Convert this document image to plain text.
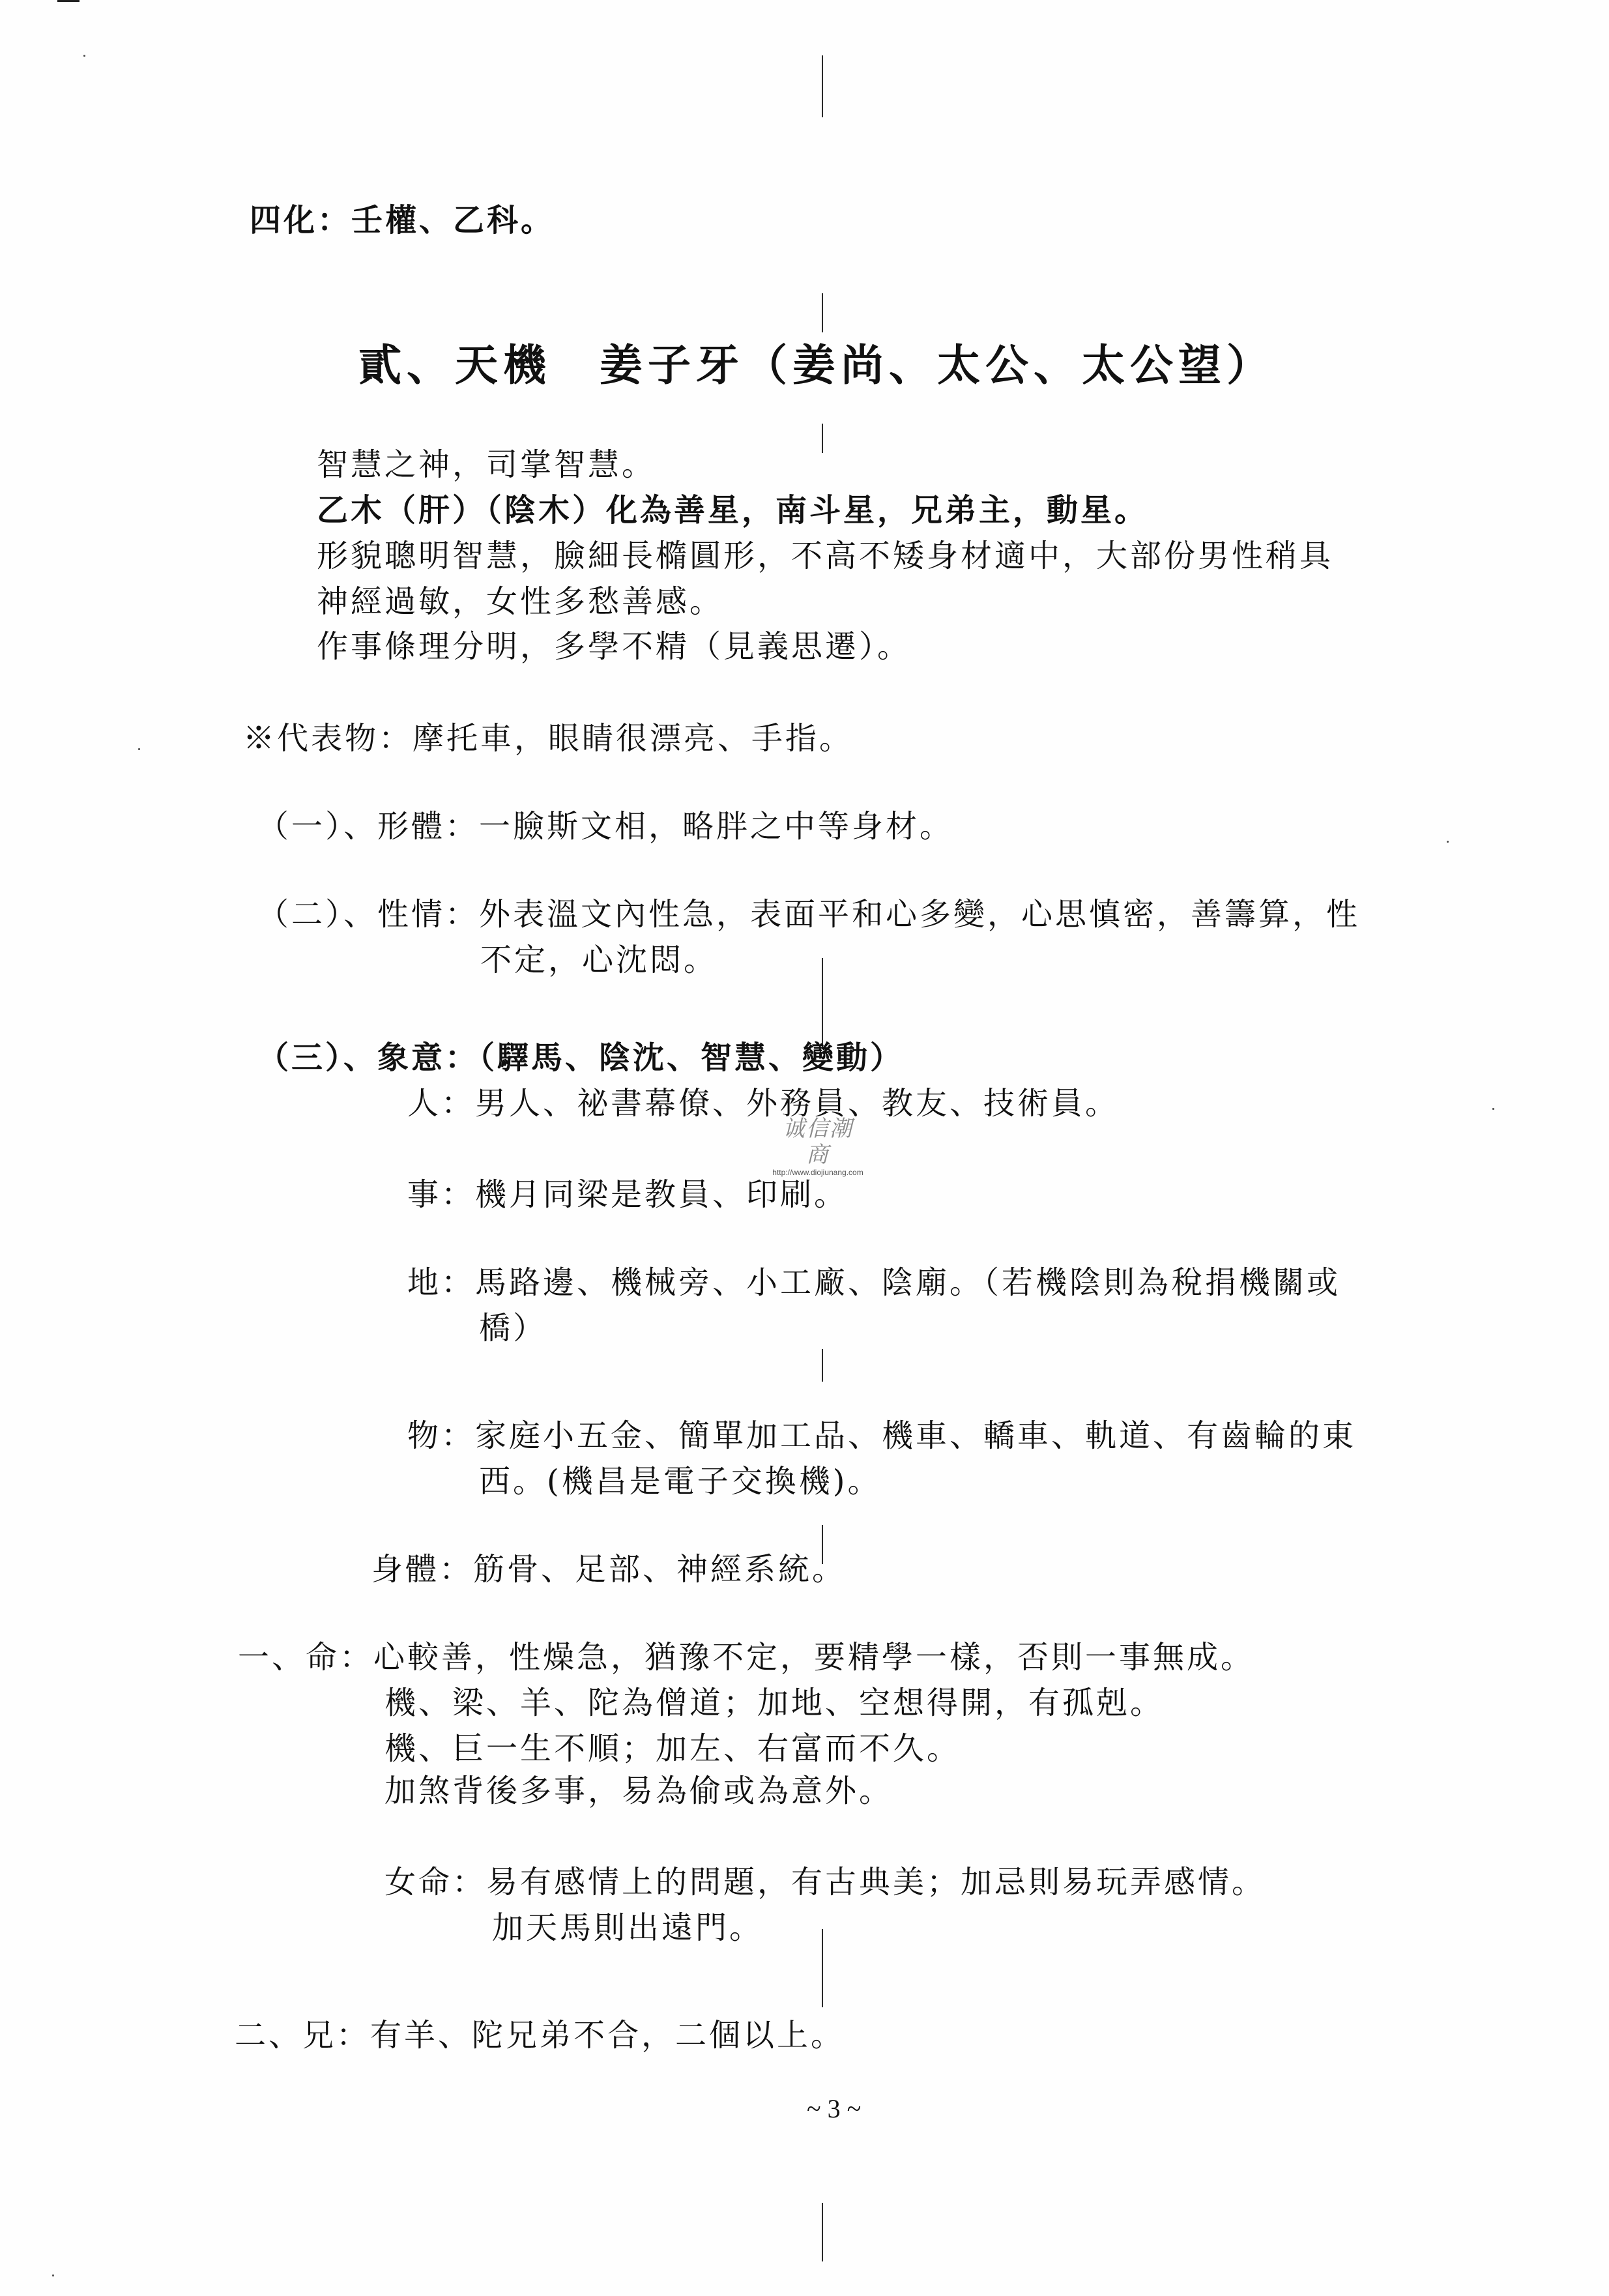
四化：壬權、乙科。
貳、天機　姜子牙（姜尚、太公、太公望）
智慧之神，司掌智慧。
乙木（肝）（陰木）化為善星，南斗星，兄弟主，動星。
形貌聰明智慧，臉細長橢圓形，不高不矮身材適中，大部份男性稍具
神經過敏，女性多愁善感。
作事條理分明，多學不精（見義思遷）。
※代表物：摩托車，眼睛很漂亮、手指。
（一）、形體：一臉斯文相，略胖之中等身材。
（二）、性情：外表溫文內性急，表面平和心多變，心思慎密，善籌算，性
不定，心沈悶。
（三）、象意：（驛馬、陰沈、智慧、變動）
人：男人、祕書幕僚、外務員、教友、技術員。
诚信潮商
http://www.diojiunang.com
事：機月同梁是教員、印刷。
地：馬路邊、機械旁、小工廠、陰廟。（若機陰則為稅捐機關或
橋）
物：家庭小五金、簡單加工品、機車、轎車、軌道、有齒輪的東
西。(機昌是電子交換機)。
身體：筋骨、足部、神經系統。
一、命：心較善，性燥急，猶豫不定，要精學一樣，否則一事無成。
機、梁、羊、陀為僧道；加地、空想得開，有孤剋。
機、巨一生不順；加左、右富而不久。
加煞背後多事，易為偷或為意外。
女命：易有感情上的問題，有古典美；加忌則易玩弄感情。
加天馬則出遠門。
二、兄：有羊、陀兄弟不合，二個以上。
~ 3 ~
